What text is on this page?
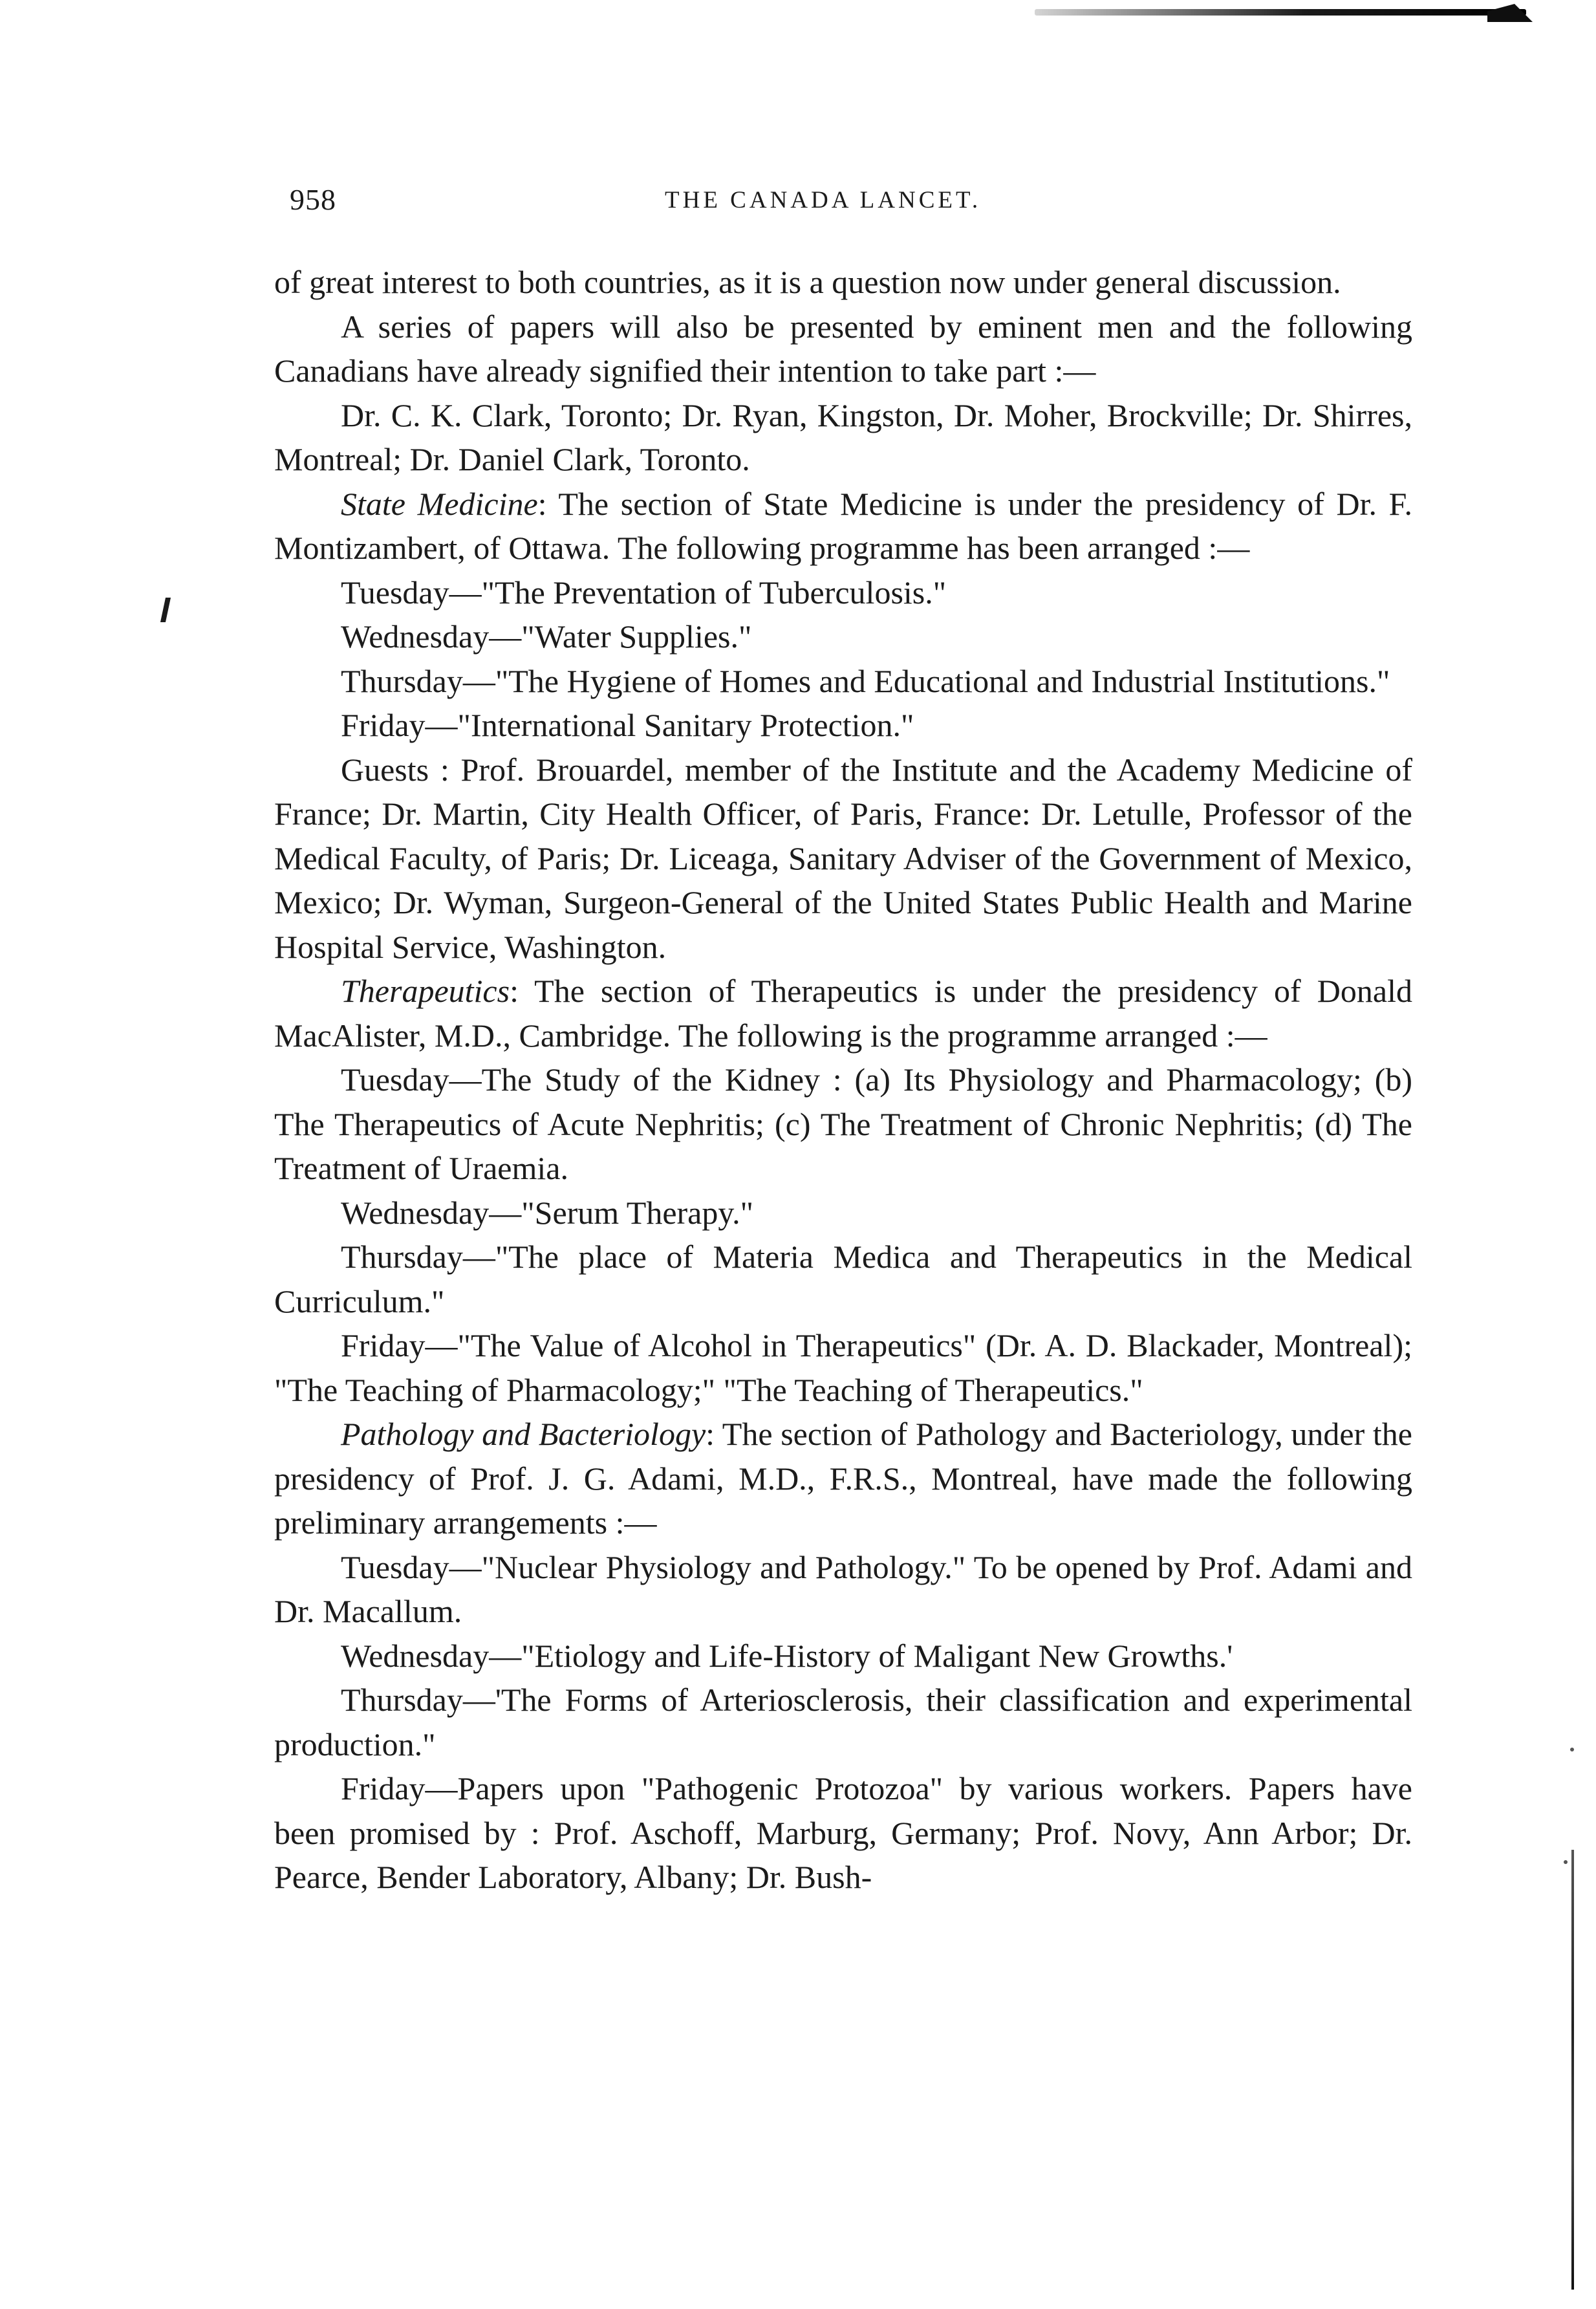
958	THE CANADA LANCET.

of great interest to both countries, as it is a question now under general discussion.

A series of papers will also be presented by eminent men and the following Canadians have already signified their intention to take part :—

Dr. C. K. Clark, Toronto; Dr. Ryan, Kingston, Dr. Moher, Brockville; Dr. Shirres, Montreal; Dr. Daniel Clark, Toronto.

State Medicine: The section of State Medicine is under the presidency of Dr. F. Montizambert, of Ottawa. The following programme has been arranged :—

Tuesday—"The Preventation of Tuberculosis."

Wednesday—"Water Supplies."

Thursday—"The Hygiene of Homes and Educational and Industrial Institutions."

Friday—"International Sanitary Protection."

Guests : Prof. Brouardel, member of the Institute and the Academy Medicine of France; Dr. Martin, City Health Officer, of Paris, France: Dr. Letulle, Professor of the Medical Faculty, of Paris; Dr. Liceaga, Sanitary Adviser of the Government of Mexico, Mexico; Dr. Wyman, Surgeon-General of the United States Public Health and Marine Hospital Service, Washington.

Therapeutics: The section of Therapeutics is under the presidency of Donald MacAlister, M.D., Cambridge. The following is the programme arranged :—

Tuesday—The Study of the Kidney : (a) Its Physiology and Pharmacology; (b) The Therapeutics of Acute Nephritis; (c) The Treatment of Chronic Nephritis; (d) The Treatment of Uraemia.

Wednesday—"Serum Therapy."

Thursday—"The place of Materia Medica and Therapeutics in the Medical Curriculum."

Friday—"The Value of Alcohol in Therapeutics" (Dr. A. D. Blackader, Montreal); "The Teaching of Pharmacology;" "The Teaching of Therapeutics."

Pathology and Bacteriology: The section of Pathology and Bacteriology, under the presidency of Prof. J. G. Adami, M.D., F.R.S., Montreal, have made the following preliminary arrangements :—

Tuesday—"Nuclear Physiology and Pathology." To be opened by Prof. Adami and Dr. Macallum.

Wednesday—"Etiology and Life-History of Maligant New Growths.'

Thursday—'The Forms of Arteriosclerosis, their classification and experimental production."

Friday—Papers upon "Pathogenic Protozoa" by various workers. Papers have been promised by : Prof. Aschoff, Marburg, Germany; Prof. Novy, Ann Arbor; Dr. Pearce, Bender Laboratory, Albany; Dr. Bush-
